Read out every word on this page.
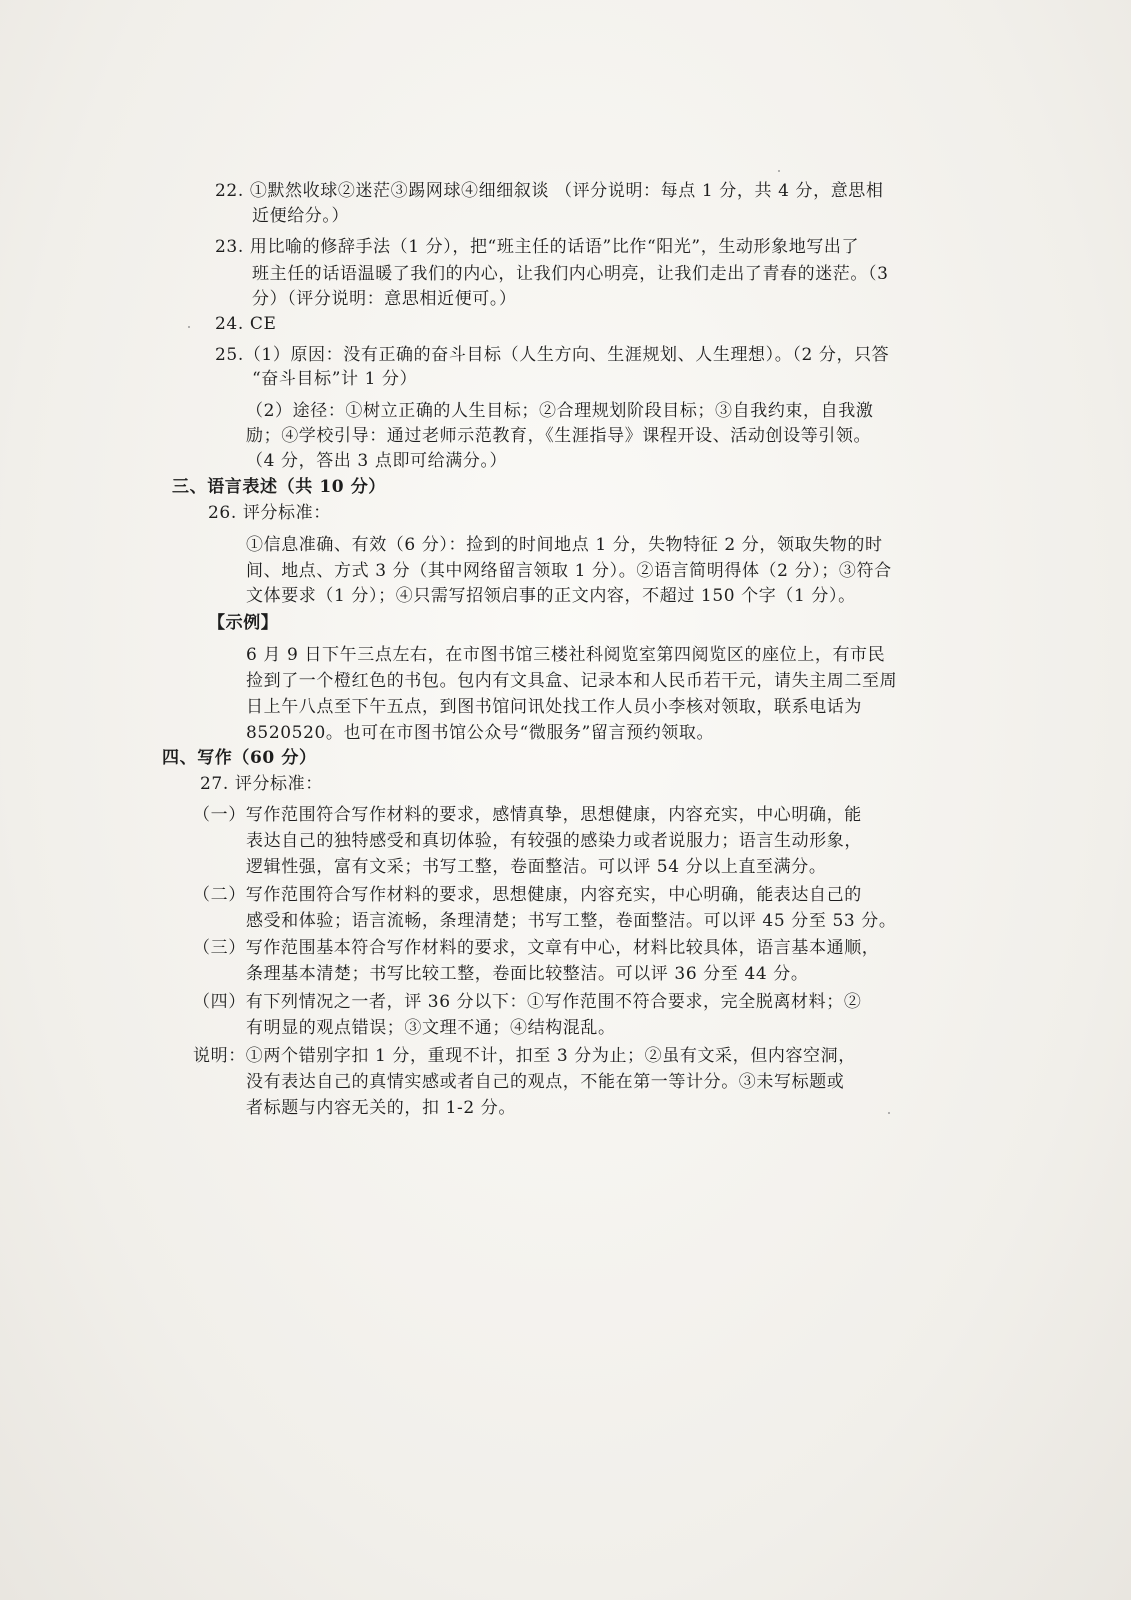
22. ①默然收球②迷茫③踢网球④细细叙谈 （评分说明：每点 1 分，共 4 分，意思相
近便给分。）
23. 用比喻的修辞手法（1 分），把“班主任的话语”比作“阳光”，生动形象地写出了
班主任的话语温暖了我们的内心，让我们内心明亮，让我们走出了青春的迷茫。（3
分）（评分说明：意思相近便可。）
24. CE
25.（1）原因：没有正确的奋斗目标（人生方向、生涯规划、人生理想）。（2 分，只答
“奋斗目标”计 1 分）
（2）途径：①树立正确的人生目标；②合理规划阶段目标；③自我约束，自我激
励；④学校引导：通过老师示范教育，《生涯指导》课程开设、活动创设等引领。
（4 分，答出 3 点即可给满分。）
三、语言表述（共 10 分）
26. 评分标准：
①信息准确、有效（6 分）：捡到的时间地点 1 分，失物特征 2 分，领取失物的时
间、地点、方式 3 分（其中网络留言领取 1 分）。②语言简明得体（2 分）；③符合
文体要求（1 分）；④只需写招领启事的正文内容，不超过 150 个字（1 分）。
【示例】
6 月 9 日下午三点左右，在市图书馆三楼社科阅览室第四阅览区的座位上，有市民
捡到了一个橙红色的书包。包内有文具盒、记录本和人民币若干元，请失主周二至周
日上午八点至下午五点，到图书馆问讯处找工作人员小李核对领取，联系电话为
8520520。也可在市图书馆公众号“微服务”留言预约领取。
四、写作（60 分）
27. 评分标准：
（一）写作范围符合写作材料的要求，感情真挚，思想健康，内容充实，中心明确，能
表达自己的独特感受和真切体验，有较强的感染力或者说服力；语言生动形象，
逻辑性强，富有文采；书写工整，卷面整洁。可以评 54 分以上直至满分。
（二）写作范围符合写作材料的要求，思想健康，内容充实，中心明确，能表达自己的
感受和体验；语言流畅，条理清楚；书写工整，卷面整洁。可以评 45 分至 53 分。
（三）写作范围基本符合写作材料的要求，文章有中心，材料比较具体，语言基本通顺，
条理基本清楚；书写比较工整，卷面比较整洁。可以评 36 分至 44 分。
（四）有下列情况之一者，评 36 分以下：①写作范围不符合要求，完全脱离材料；②
有明显的观点错误；③文理不通；④结构混乱。
说明：①两个错别字扣 1 分，重现不计，扣至 3 分为止；②虽有文采，但内容空洞，
没有表达自己的真情实感或者自己的观点，不能在第一等计分。③未写标题或
者标题与内容无关的，扣 1-2 分。
